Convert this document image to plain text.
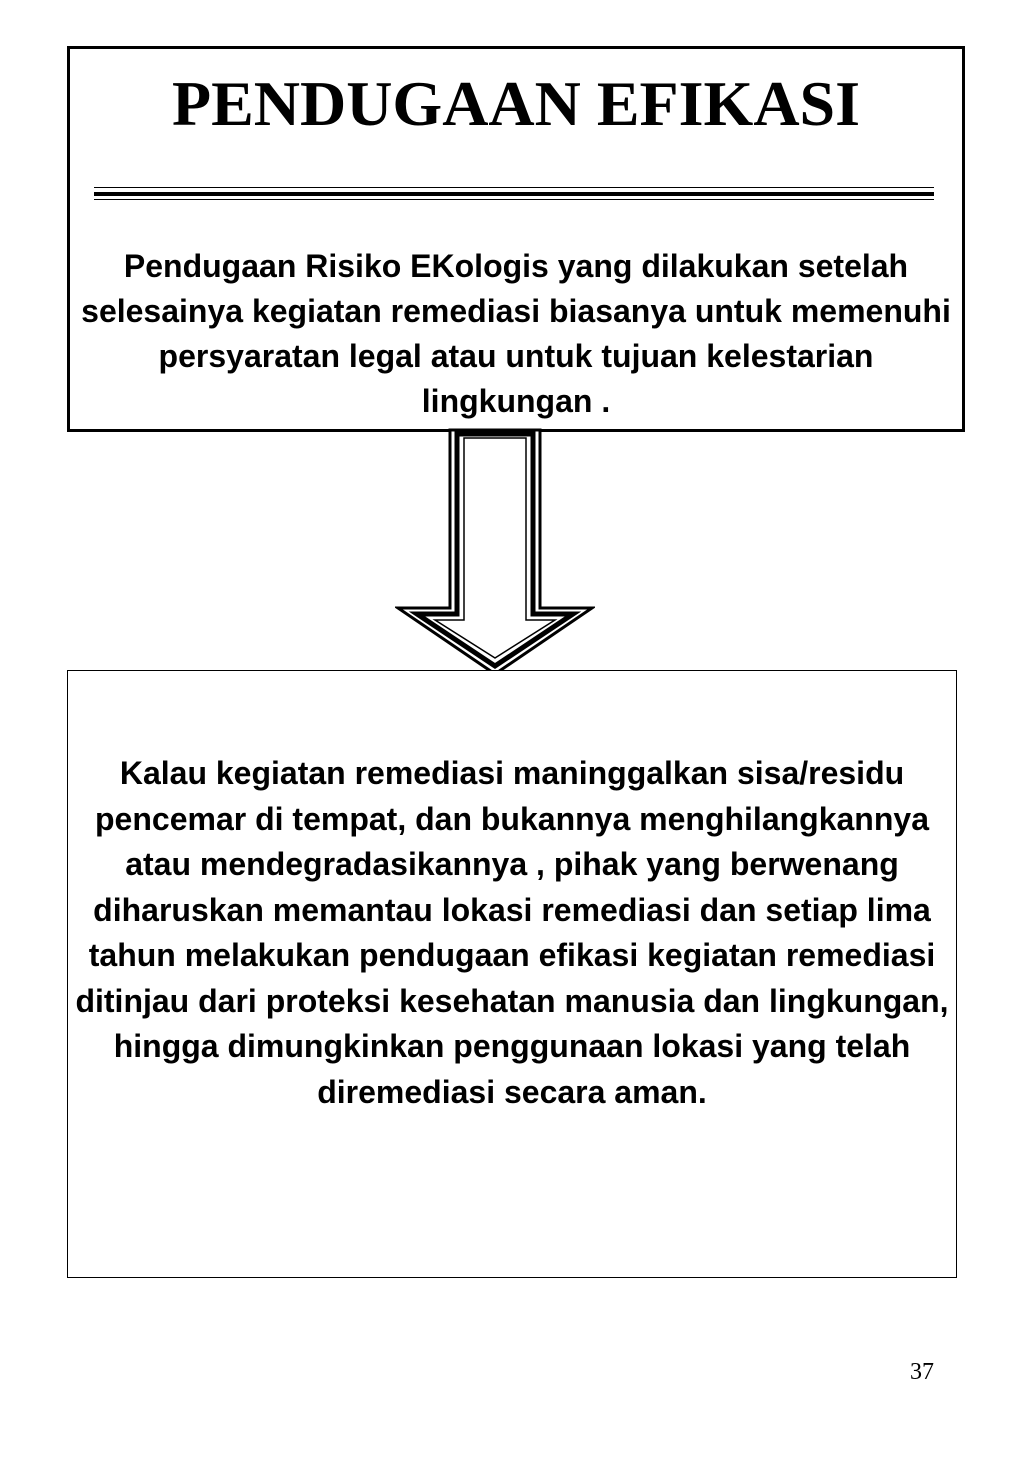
PENDUGAAN EFIKASI
Pendugaan Risiko EKologis yang dilakukan setelah selesainya kegiatan remediasi biasanya untuk memenuhi persyaratan legal atau untuk tujuan kelestarian lingkungan .
Kalau kegiatan remediasi maninggalkan sisa/residu pencemar di tempat, dan bukannya menghilangkannya atau mendegradasikannya , pihak yang berwenang diharuskan memantau lokasi remediasi dan setiap lima tahun melakukan pendugaan efikasi kegiatan remediasi ditinjau dari proteksi kesehatan manusia dan lingkungan, hingga dimungkinkan penggunaan lokasi yang telah diremediasi secara aman.
37
